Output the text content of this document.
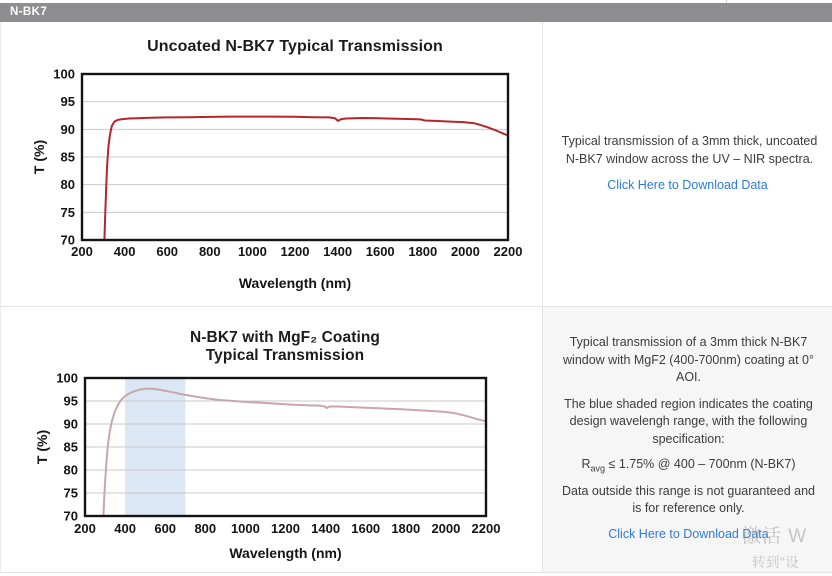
N-BK7
Uncoated N-BK7 Typical Transmission
200 400 600 800 1000 1200 1400 1600 1800 2000 2200
70
75
80
85
90
95
100
Wavelength (nm)
T (%)
N-BK7 with MgF₂ Coating
Typical Transmission
200 400 600 800 1000 1200 1400 1600 1800 2000 2200
70
75
80
85
90
95
100
Wavelength (nm)
T (%)
Typical transmission of a 3mm thick, uncoated N-BK7 window across the UV – NIR spectra.
Click Here to Download Data

Typical transmission of a 3mm thick N-BK7 window with MgF2 (400-700nm) coating at 0° AOI.

The blue shaded region indicates the coating design wavelengh range, with the following specification:

$R_{avg} \le 1.75\%$ @ 400 – 700nm (N-BK7)

Data outside this range is not guaranteed and is for reference only.

Click Here to Download Data
激活 W
转到"设
